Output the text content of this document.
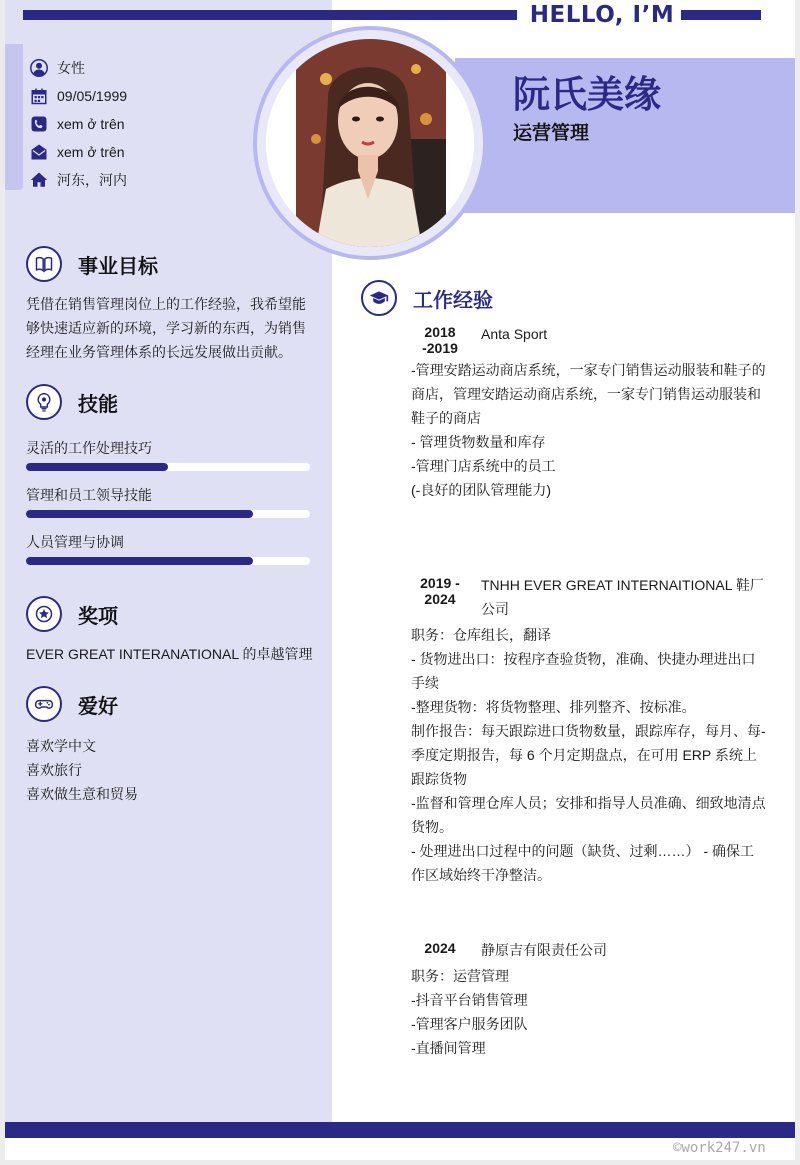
HELLO, I’M
女性
09/05/1999
xem ở trên
xem ở trên
河东，河内
阮氏美缘
运营管理
事业目标
凭借在销售管理岗位上的工作经验，我希望能够快速适应新的环境，学习新的东西，为销售经理在业务管理体系的长远发展做出贡献。
技能
灵活的工作处理技巧
管理和员工领导技能
人员管理与协调
奖项
EVER GREAT INTERANATIONAL 的卓越管理
爱好
喜欢学中文
喜欢旅行
喜欢做生意和贸易
工作经验
2018 -2019
Anta Sport
-管理安踏运动商店系统，一家专门销售运动服装和鞋子的商店，管理安踏运动商店系统，一家专门销售运动服装和鞋子的商店
- 管理货物数量和库存
-管理门店系统中的员工
(-良好的团队管理能力)
2019 - 2024
TNHH EVER GREAT INTERNAITIONAL 鞋厂公司
职务：仓库组长，翻译
- 货物进出口：按程序查验货物，准确、快捷办理进出口手续
-整理货物：将货物整理、排列整齐、按标准。
制作报告：每天跟踪进口货物数量，跟踪库存，每月、每-季度定期报告，每 6 个月定期盘点，在可用 ERP 系统上跟踪货物
-监督和管理仓库人员；安排和指导人员准确、细致地清点货物。
- 处理进出口过程中的问题（缺货、过剩……） - 确保工作区域始终干净整洁。
2024	静原吉有限责任公司
职务：运营管理
-抖音平台销售管理
-管理客户服务团队
-直播间管理
©work247.vn
